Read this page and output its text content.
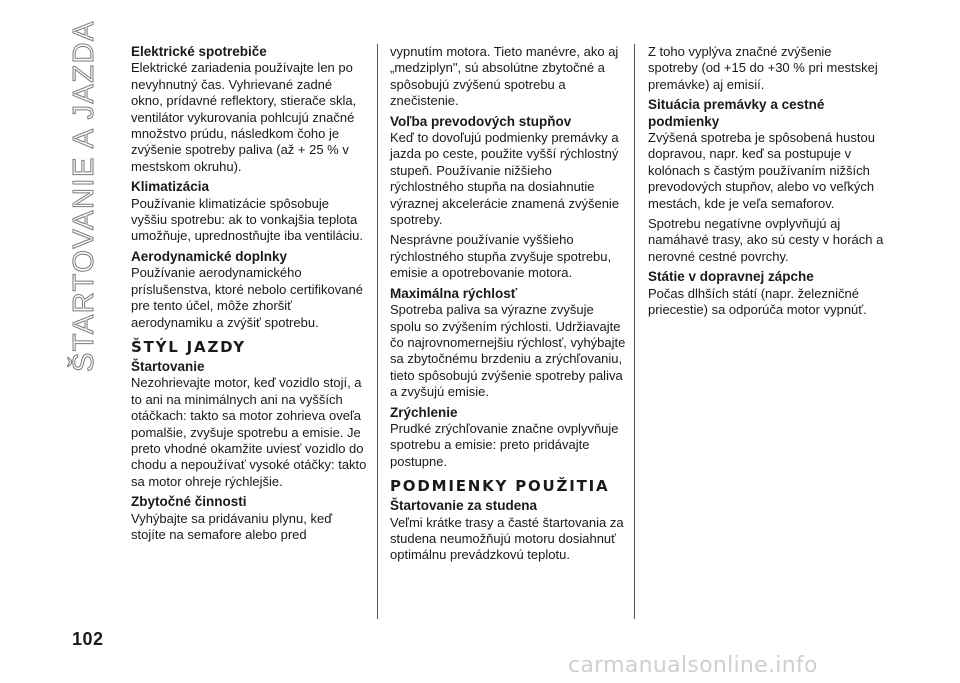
ŠTARTOVANIE A JAZDA
102
Elektrické spotrebiče

Elektrické zariadenia používajte len po nevyhnutný čas. Vyhrievané zadné okno, prídavné reflektory, stierače skla, ventilátor vykurovania pohlcujú značné množstvo prúdu, následkom čoho je zvýšenie spotreby paliva (až + 25 % v mestskom okruhu).

Klimatizácia

Používanie klimatizácie spôsobuje vyššiu spotrebu: ak to vonkajšia teplota umožňuje, uprednostňujte iba ventiláciu.

Aerodynamické doplnky

Používanie aerodynamického príslušenstva, ktoré nebolo certifikované pre tento účel, môže zhoršiť aerodynamiku a zvýšiť spotrebu.

ŠTÝL JAZDY
Štartovanie

Nezohrievajte motor, keď vozidlo stojí, a to ani na minimálnych ani na vyšších otáčkach: takto sa motor zohrieva oveľa pomalšie, zvyšuje spotrebu a emisie. Je preto vhodné okamžite uviesť vozidlo do chodu a nepoužívať vysoké otáčky: takto sa motor ohreje rýchlejšie.

Zbytočné činnosti

Vyhýbajte sa pridávaniu plynu, keď stojíte na semafore alebo pred

vypnutím motora. Tieto manévre, ako aj „medziplyn", sú absolútne zbytočné a spôsobujú zvýšenú spotrebu a znečistenie.

Voľba prevodových stupňov

Keď to dovoľujú podmienky premávky a jazda po ceste, použite vyšší rýchlostný stupeň. Používanie nižšieho rýchlostného stupňa na dosiahnutie výraznej akcelerácie znamená zvýšenie spotreby.

Nesprávne používanie vyššieho rýchlostného stupňa zvyšuje spotrebu, emisie a opotrebovanie motora.

Maximálna rýchlosť

Spotreba paliva sa výrazne zvyšuje spolu so zvýšením rýchlosti. Udržiavajte čo najrovnomernejšiu rýchlosť, vyhýbajte sa zbytočnému brzdeniu a zrýchľovaniu, tieto spôsobujú zvýšenie spotreby paliva a zvyšujú emisie.

Zrýchlenie

Prudké zrýchľovanie značne ovplyvňuje spotrebu a emisie: preto pridávajte postupne.

PODMIENKY POUŽITIA
Štartovanie za studena

Veľmi krátke trasy a časté štartovania za studena neumožňujú motoru dosiahnuť optimálnu prevádzkovú teplotu.

Z toho vyplýva značné zvýšenie spotreby (od +15 do +30 % pri mestskej premávke) aj emisií.

Situácia premávky a cestné podmienky

Zvýšená spotreba je spôsobená hustou dopravou, napr. keď sa postupuje v kolónach s častým používaním nižších prevodových stupňov, alebo vo veľkých mestách, kde je veľa semaforov.

Spotrebu negatívne ovplyvňujú aj namáhavé trasy, ako sú cesty v horách a nerovné cestné povrchy.

Státie v dopravnej zápche

Počas dlhších státí (napr. železničné priecestie) sa odporúča motor vypnúť.

carmanualsonline.info
